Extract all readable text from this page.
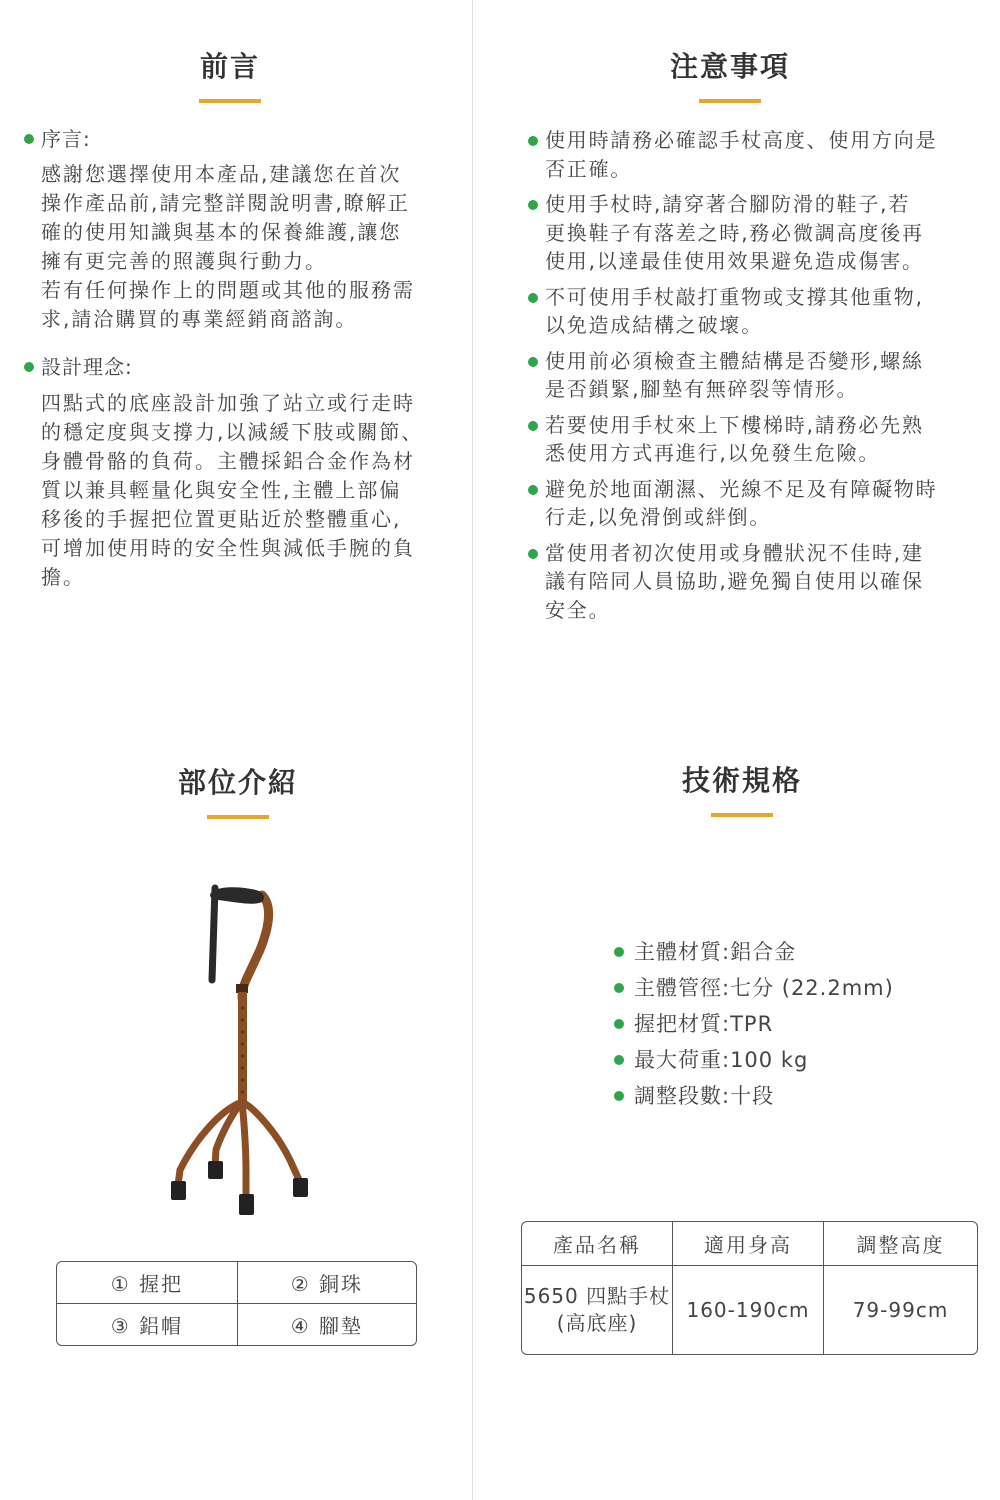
前言
序言:
感謝您選擇使用本產品,建議您在首次
操作產品前,請完整詳閱說明書,瞭解正
確的使用知識與基本的保養維護,讓您
擁有更完善的照護與行動力。
若有任何操作上的問題或其他的服務需
求,請洽購買的專業經銷商諮詢。
設計理念:
四點式的底座設計加強了站立或行走時
的穩定度與支撐力,以減緩下肢或關節、
身體骨骼的負荷。主體採鋁合金作為材
質以兼具輕量化與安全性,主體上部偏
移後的手握把位置更貼近於整體重心,
可增加使用時的安全性與減低手腕的負
擔。
注意事項
使用時請務必確認手杖高度、使用方向是
否正確。
使用手杖時,請穿著合腳防滑的鞋子,若
更換鞋子有落差之時,務必微調高度後再
使用,以達最佳使用效果避免造成傷害。
不可使用手杖敲打重物或支撐其他重物,
以免造成結構之破壞。
使用前必須檢查主體結構是否變形,螺絲
是否鎖緊,腳墊有無碎裂等情形。
若要使用手杖來上下樓梯時,請務必先熟
悉使用方式再進行,以免發生危險。
避免於地面潮濕、光線不足及有障礙物時
行走,以免滑倒或絆倒。
當使用者初次使用或身體狀況不佳時,建
議有陪同人員協助,避免獨自使用以確保
安全。
部位介紹
① 握把	② 銅珠
③ 鋁帽	④ 腳墊
技術規格
主體材質:鋁合金
主體管徑:七分 (22.2mm)
握把材質:TPR
最大荷重:100 kg
調整段數:十段
產品名稱	適用身高	調整高度

5650 四點手杖
(高底座)	160-190cm	79-99cm
